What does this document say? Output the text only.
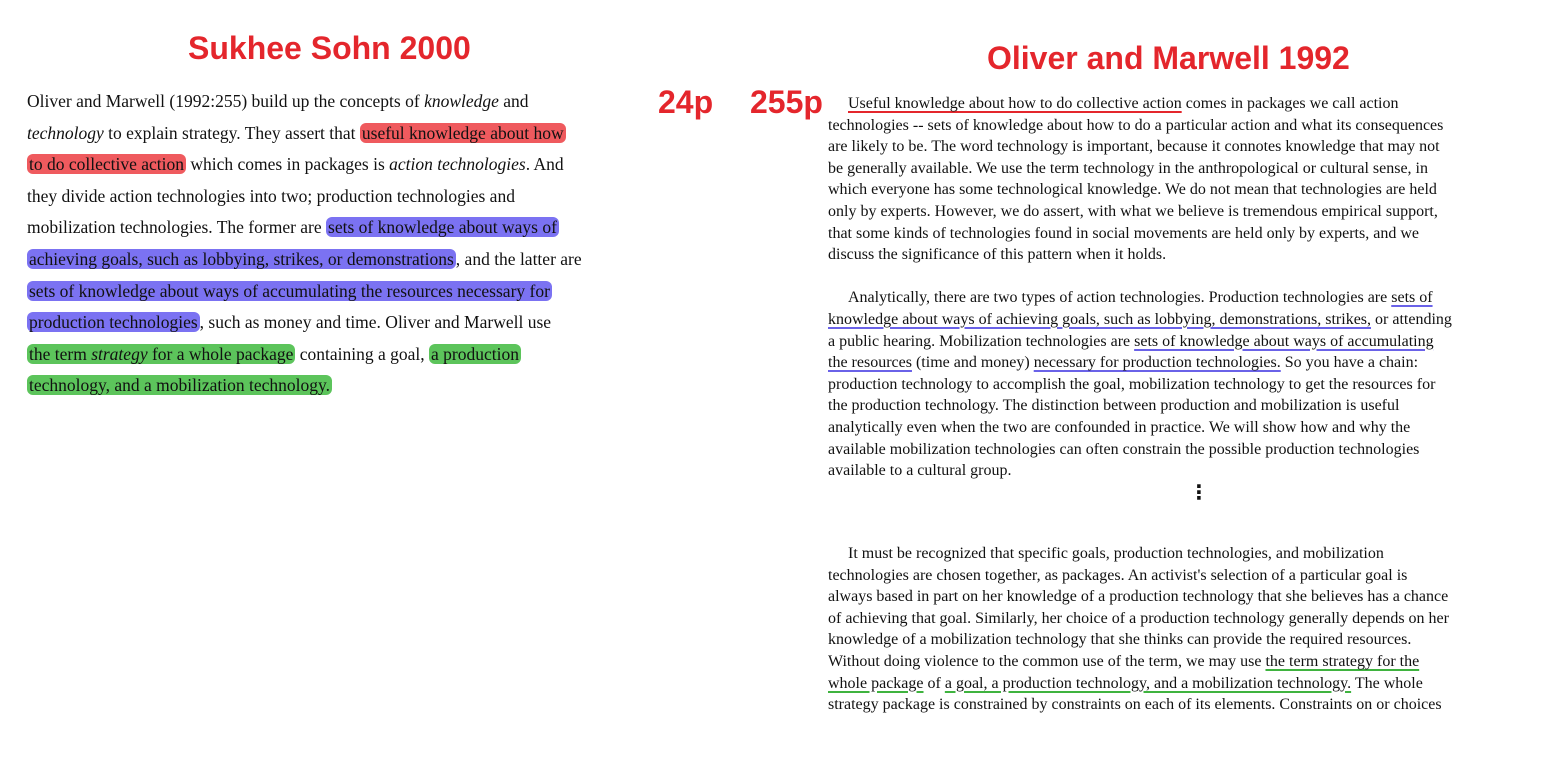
Sukhee Sohn 2000	Oliver and Marwell 1992
24p 255p
Oliver and Marwell (1992:255) build up the concepts of knowledge and
technology to explain strategy. They assert that useful knowledge about how
to do collective action which comes in packages is action technologies. And
they divide action technologies into two; production technologies and
mobilization technologies. The former are sets of knowledge about ways of
achieving goals, such as lobbying, strikes, or demonstrations , and the latter are
sets of knowledge about ways of accumulating the resources necessary for
production technologies , such as money and time. Oliver and Marwell use
the term strategy for a whole package containing a goal, a production
technology, and a mobilization technology.
Useful knowledge about how to do collective action comes in packages we call action
technologies -- sets of knowledge about how to do a particular action and what its consequences
are likely to be. The word technology is important, because it connotes knowledge that may not
be generally available. We use the term technology in the anthropological or cultural sense, in
which everyone has some technological knowledge. We do not mean that technologies are held
only by experts. However, we do assert, with what we believe is tremendous empirical support,
that some kinds of technologies found in social movements are held only by experts, and we
discuss the significance of this pattern when it holds.
Analytically, there are two types of action technologies. Production technologies are sets of
knowledge about ways of achieving goals, such as lobbying, demonstrations, strikes, or attending
a public hearing. Mobilization technologies are sets of knowledge about ways of accumulating
the resources (time and money) necessary for production technologies. So you have a chain:
production technology to accomplish the goal, mobilization technology to get the resources for
the production technology. The distinction between production and mobilization is useful
analytically even when the two are confounded in practice. We will show how and why the
available mobilization technologies can often constrain the possible production technologies
available to a cultural group.
⋮
It must be recognized that specific goals, production technologies, and mobilization
technologies are chosen together, as packages. An activist's selection of a particular goal is
always based in part on her knowledge of a production technology that she believes has a chance
of achieving that goal. Similarly, her choice of a production technology generally depends on her
knowledge of a mobilization technology that she thinks can provide the required resources.
Without doing violence to the common use of the term, we may use the term strategy for the
whole package of a goal, a production technology, and a mobilization technology. The whole
strategy package is constrained by constraints on each of its elements. Constraints on or choices
